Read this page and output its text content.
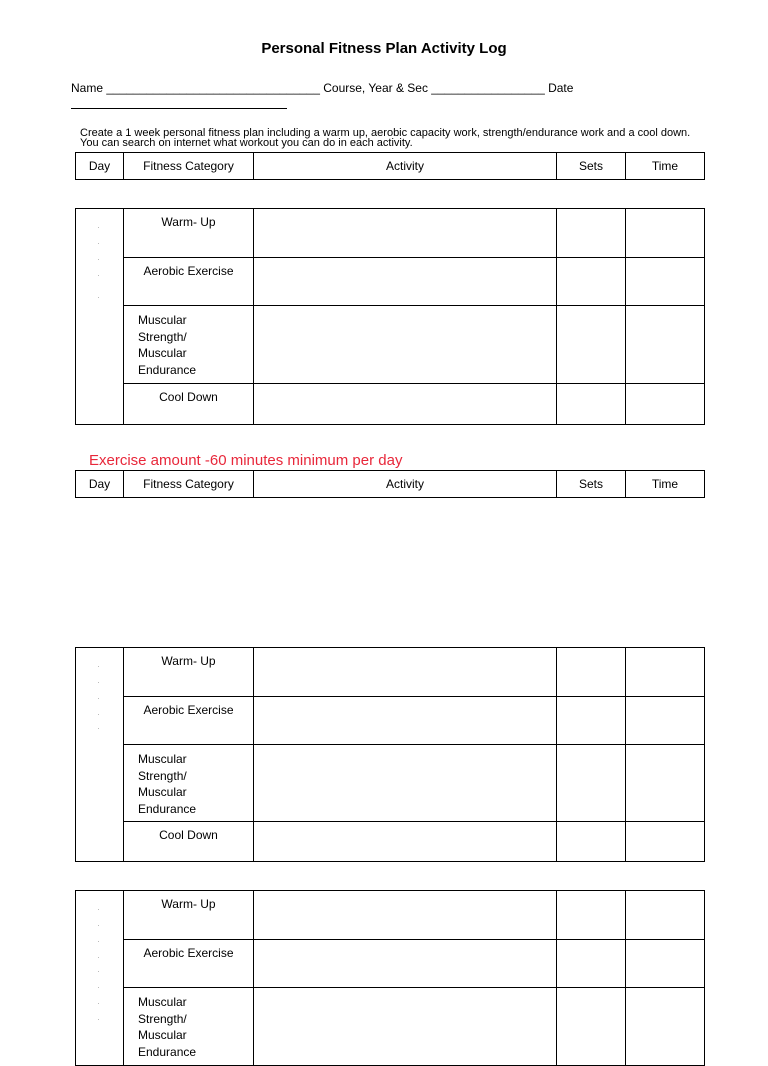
Personal Fitness Plan Activity Log
Name ________________________________ Course, Year & Sec _________________ Date
Create a 1 week personal fitness plan including a warm up, aerobic capacity work, strength/endurance work and a cool down. You can search on internet what workout you can do in each activity.
Day	Fitness Category	Activity	Sets	Time
	Warm- Up			
	Aerobic Exercise			

	Muscular
Strength/
Muscular
Endurance			

	Cool Down			
Exercise amount -60 minutes minimum per day
Day	Fitness Category	Activity	Sets	Time
	Warm- Up			
	Aerobic Exercise			

	Muscular
Strength/
Muscular
Endurance			

	Cool Down			
	Warm- Up			
	Aerobic Exercise			

	Muscular
Strength/
Muscular
Endurance			
